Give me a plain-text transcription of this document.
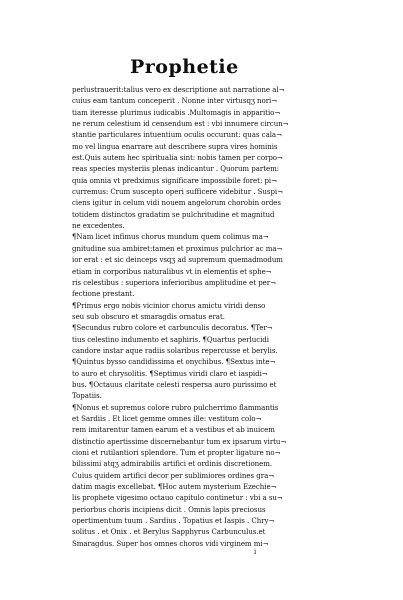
Prophetie
perlustrauerit:talius vero ex descriptione aut narratione al¬
cuius eam tantum conceperit . Nonne inter virtusqʒ nori¬
tiam iteresse plurimus iudicabis .Multomagis in apparitio¬
ne rerum celestium id censendum est : vbi innumere circun¬
stantie particulares intuentium oculis occurunt: quas cala¬
mo vel lingua enarrare aut describere supra vires hominis
est.Quis autem hec spiritualia sint: nobis tamen per corpo¬
reas species mysteriis plenas indicantur . Quorum partem:
quia omnia vt predximus significare impossibile foret: pi¬
curremus: Crum suscepto operi sufficere videbitur . Suspi¬
ciens igitur in celum vidi nouem angelorum chorobin ordes
totidem distinctos gradatim se pulchritudine et magnitud
ne excedentes.
¶Nam licet infimus chorus mundum quem colimus ma¬
gnitudine sua ambiret:tamen et proximus pulchrior ac ma¬
ior erat : et sic deinceps vsqʒ ad supremum quemadmodum
etiam in corporibus naturalibus vt in elementis et sphe¬
ris celestibus : superiora inferioribus amplitudine et per¬
fectione prestant.
¶Primus ergo nobis vicinior chorus amictu viridi denso
seu sub obscuro et smaragdis ornatus erat.
¶Secundus rubro colore et carbunculis decoratus. ¶Ter¬
tius celestino indumento et saphiris. ¶Quartus perlucidi
candore instar aque radiis solaribus repercusse et berylis.
¶Quintus bysso candidissima et onychibus. ¶Sextus inte¬
to auro et chrysolitis. ¶Septimus viridi claro et iaspidi¬
bus. ¶Octauus claritate celesti respersa auro purissimo et
Topatiis.
¶Nonus et supremus colore rubro pulcherrimo flammantis
et Sardiis . Et licet gemme omnes ille: vestitum colo¬
rem imitarentur tamen earum et a vestibus et ab inuicem
distinctio apertissime discernebantur tum ex ipsarum virtu¬
cioni et rutilantiori splendore. Tum et propter ligature no¬
bilissimi atqʒ admirabilis artifici et ordinis discretionem.
Cuius quidem artifici decor per sublimiores ordines gra¬
datim magis excellebat. ¶Hoc autem mysterium Ezechie¬
lis prophete vigesimo octauo capitulo continetur : vbi a su¬
periorbus choris incipiens dicit . Omnis lapis preciosus
opertimentum tuum . Sardius . Topatius et Iaspis . Chry¬
solitus . et Onix . et Berylus Sapphyrus Carbunculus.et
Smaragdus. Super hos omnes choros vidi virginem mi¬
i
